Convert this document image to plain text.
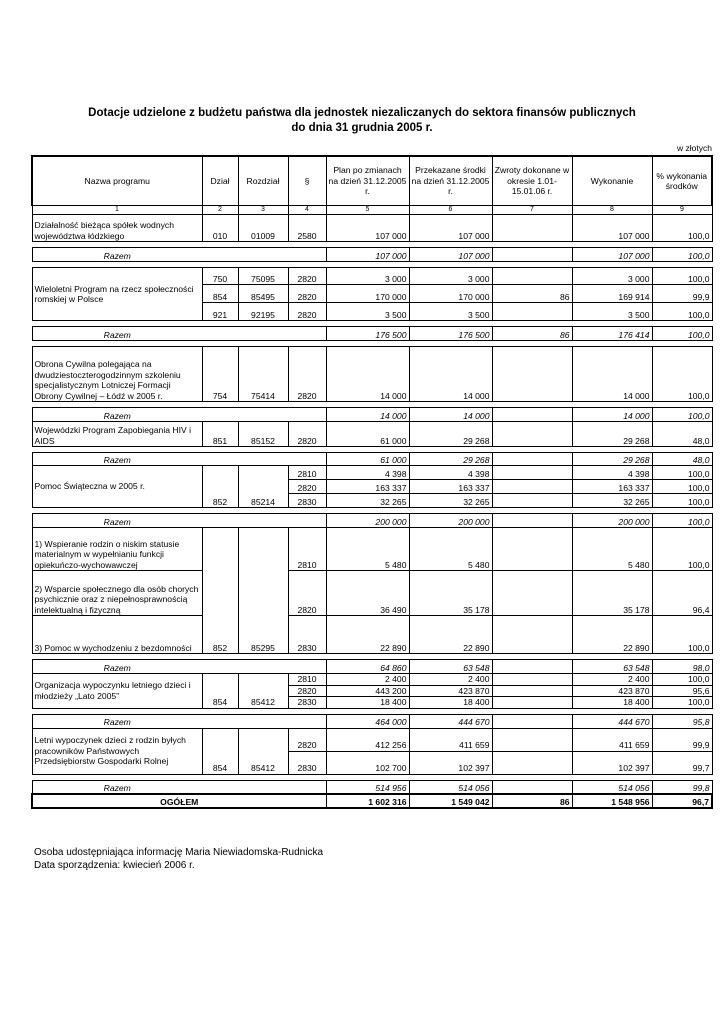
Dotacje udzielone z budżetu państwa dla jednostek niezaliczanych do sektora finansów publicznych
do dnia 31 grudnia 2005 r.
w złotych
Nazwa programu	Dział	Rozdział	§	Plan po zmianach na dzień 31.12.2005 r.	Przekazane środki na dzień 31.12.2005 r.	Zwroty dokonane w okresie 1.01-15.01.06 r.	Wykonanie	% wykonania środków
1	2	3	4	5	6	7	8	9
Działalność bieżąca spółek wodnych województwa łódzkiego	010	01009	2580	107 000	107 000		107 000	100,0

Razem				107 000	107 000		107 000	100,0

Wieloletni Program na rzecz społeczności romskiej w Polsce	750	75095	2820	3 000	3 000		3 000	100,0
	854	85495	2820	170 000	170 000	86	169 914	99,9
	921	92195	2820	3 500	3 500		3 500	100,0

Razem				176 500	176 500	86	176 414	100,0

Obrona Cywilna polegająca na dwudziestoczterogodzinnym szkoleniu specjalistycznym Lotniczej Formacji Obrony Cywilnej – Łódź w 2005 r.	754	75414	2820	14 000	14 000		14 000	100,0

Razem				14 000	14 000		14 000	100,0
Wojewódzki Program Zapobiegania HIV i AIDS	851	85152	2820	61 000	29 268		29 268	48,0

Razem				61 000	29 268		29 268	48,0
Pomoc Świąteczna w 2005 r.	852	85214	2810	4 398	4 398		4 398	100,0
			2820	163 337	163 337		163 337	100,0
			2830	32 265	32 265		32 265	100,0

Razem				200 000	200 000		200 000	100,0
1) Wspieranie rodzin o niskim statusie materialnym w wypełnianiu funkcji opiekuńczo-wychowawczej	852	85295	2810	5 480	5 480		5 480	100,0
2) Wsparcie społecznego dla osób chorych psychicznie oraz z niepełnosprawnością intelektualną i fizyczną			2820	36 490	35 178		35 178	96,4
3) Pomoc w wychodzeniu z bezdomności			2830	22 890	22 890		22 890	100,0

Razem				64 860	63 548		63 548	98,0
Organizacja wypoczynku letniego dzieci i młodzieży „Lato 2005”	854	85412	2810	2 400	2 400		2 400	100,0
			2820	443 200	423 870		423 870	95,6
			2830	18 400	18 400		18 400	100,0

Razem				464 000	444 670		444 670	95,8
Letni wypoczynek dzieci z rodzin byłych pracowników Państwowych Przedsiębiorstw Gospodarki Rolnej	854	85412	2820	412 256	411 659		411 659	99,9
			2830	102 700	102 397		102 397	99,7

Razem				514 956	514 056		514 056	99,8
OGÓŁEM				1 602 316	1 549 042	86	1 548 956	96,7
Osoba udostępniająca informację Maria Niewiadomska-Rudnicka
Data sporządzenia: kwiecień 2006 r.
